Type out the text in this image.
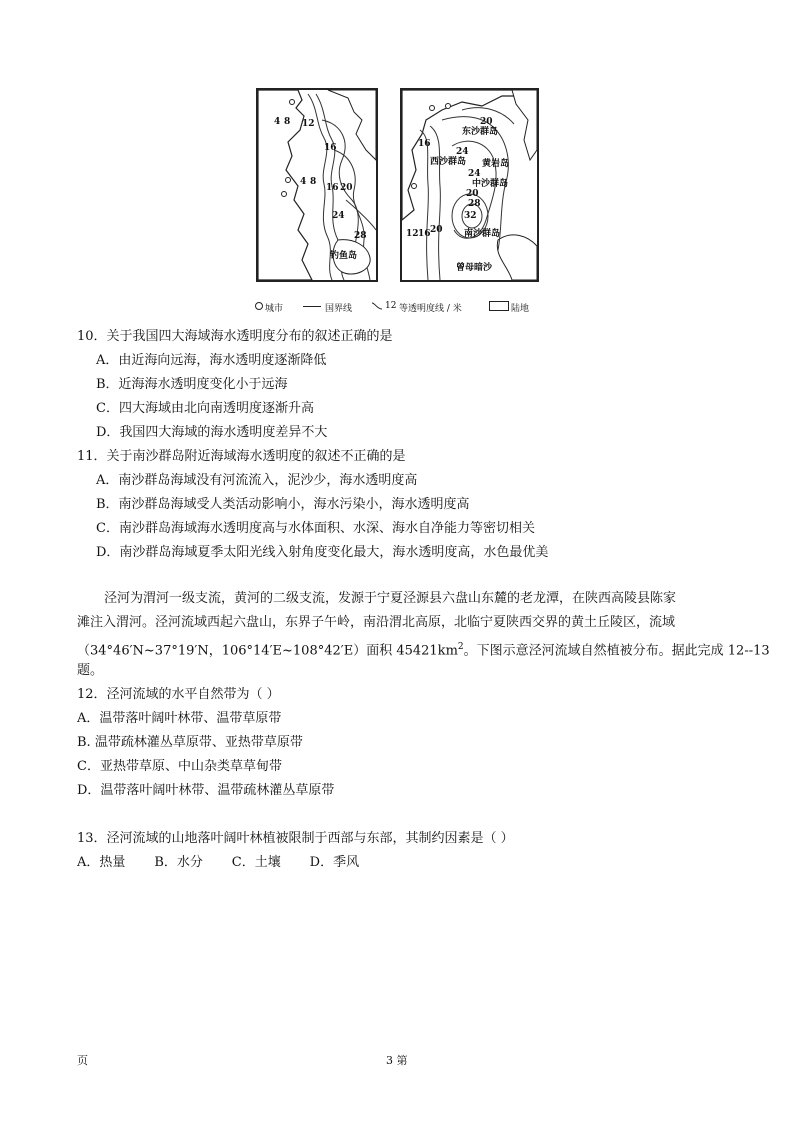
4 8 12
16
4 8
16 20
24
28
钓鱼岛
20
东沙群岛
16
24
西沙群岛 黄岩岛
24
中沙群岛
20
28
32
12 16 20 南沙群岛
曾母暗沙
城市	国界线	12 等透明度线 / 米	陆地
10．关于我国四大海域海水透明度分布的叙述正确的是
A．由近海向远海，海水透明度逐渐降低
B．近海海水透明度变化小于远海
C．四大海域由北向南透明度逐渐升高
D．我国四大海域的海水透明度差异不大
11．关于南沙群岛附近海域海水透明度的叙述不正确的是
A．南沙群岛海域没有河流流入，泥沙少，海水透明度高
B．南沙群岛海域受人类活动影响小，海水污染小，海水透明度高
C．南沙群岛海域海水透明度高与水体面积、水深、海水自净能力等密切相关
D．南沙群岛海域夏季太阳光线入射角度变化最大，海水透明度高，水色最优美
泾河为渭河一级支流，黄河的二级支流，发源于宁夏泾源县六盘山东麓的老龙潭，在陕西高陵县陈家
滩注入渭河。泾河流域西起六盘山，东界子午岭，南沿渭北高原，北临宁夏陕西交界的黄土丘陵区，流域
（34°46′N~37°19′N，106°14′E~108°42′E）面积 $45421km^2$。下图示意泾河流域自然植被分布。据此完成 12--13
题。
12．泾河流域的水平自然带为（ ）
A．温带落叶阔叶林带、温带草原带
B. 温带疏林灌丛草原带、亚热带草原带
C．亚热带草原、中山杂类草草甸带
D．温带落叶阔叶林带、温带疏林灌丛草原带
13．泾河流域的山地落叶阔叶林植被限制于西部与东部，其制约因素是（ ）
A．热量       B．水分       C．土壤       D．季风
页	3 第
